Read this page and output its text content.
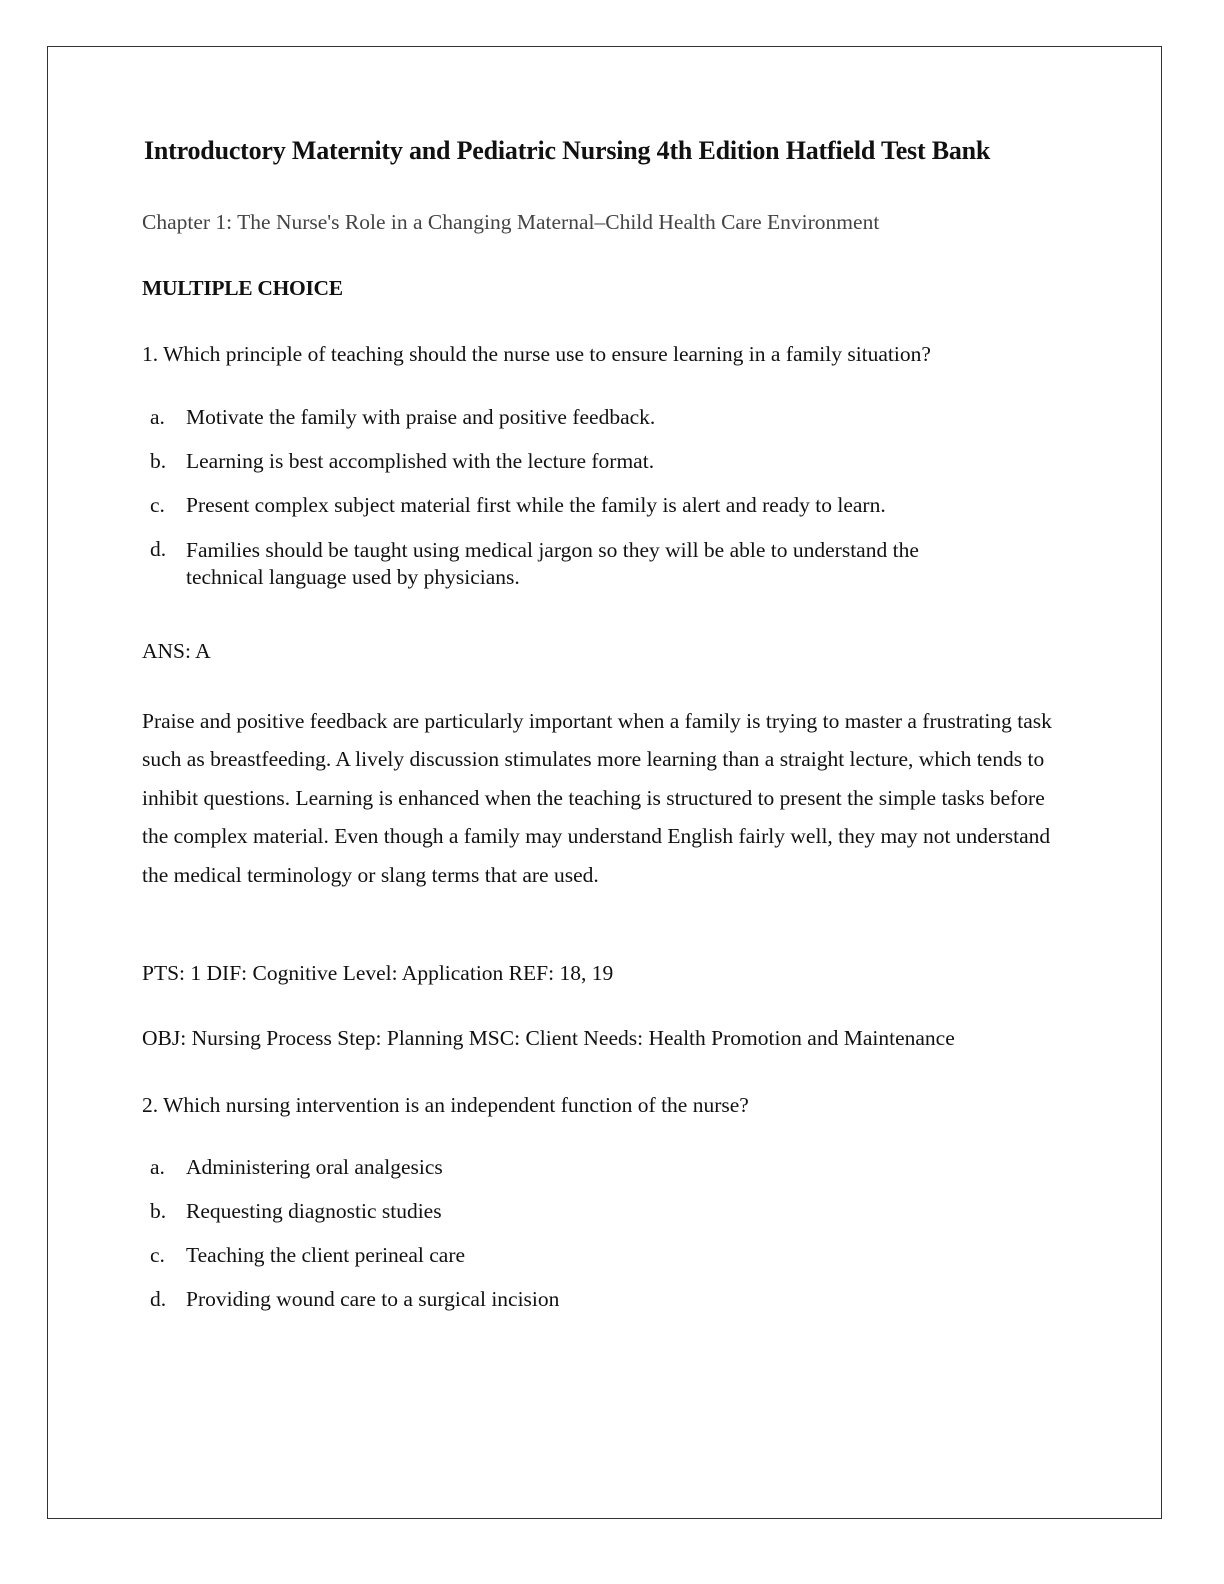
Introductory Maternity and Pediatric Nursing 4th Edition Hatfield Test Bank

Chapter 1: The Nurse's Role in a Changing Maternal–Child Health Care Environment

MULTIPLE CHOICE

1. Which principle of teaching should the nurse use to ensure learning in a family situation?

a. Motivate the family with praise and positive feedback.
b. Learning is best accomplished with the lecture format.
c. Present complex subject material first while the family is alert and ready to learn.
d. Families should be taught using medical jargon so they will be able to understand the technical language used by physicians.

ANS: A

Praise and positive feedback are particularly important when a family is trying to master a frustrating task such as breastfeeding. A lively discussion stimulates more learning than a straight lecture, which tends to inhibit questions. Learning is enhanced when the teaching is structured to present the simple tasks before the complex material. Even though a family may understand English fairly well, they may not understand the medical terminology or slang terms that are used.

PTS: 1 DIF: Cognitive Level: Application REF: 18, 19

OBJ: Nursing Process Step: Planning MSC: Client Needs: Health Promotion and Maintenance

2. Which nursing intervention is an independent function of the nurse?

a. Administering oral analgesics
b. Requesting diagnostic studies
c. Teaching the client perineal care
d. Providing wound care to a surgical incision
